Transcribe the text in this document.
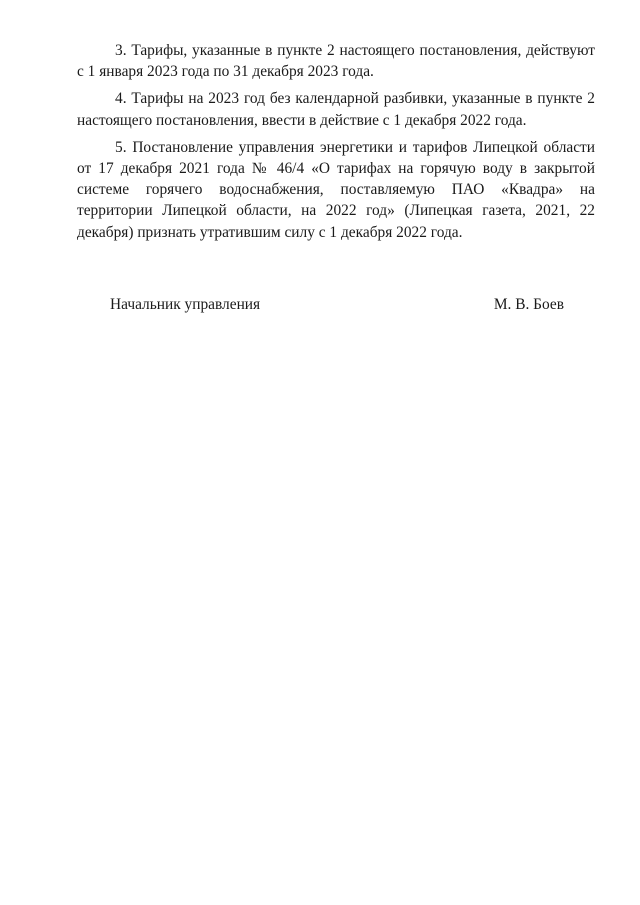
3. Тарифы, указанные в пункте 2 настоящего постановления, действуют с 1 января 2023 года по 31 декабря 2023 года.

4. Тарифы на 2023 год без календарной разбивки, указанные в пункте 2 настоящего постановления, ввести в действие с 1 декабря 2022 года.

5. Постановление управления энергетики и тарифов Липецкой области от 17 декабря 2021 года № 46/4 «О тарифах на горячую воду в закрытой системе горячего водоснабжения, поставляемую ПАО «Квадра» на территории Липецкой области, на 2022 год» (Липецкая газета, 2021, 22 декабря) признать утратившим силу с 1 декабря 2022 года.

Начальник управления	М. В. Боев
